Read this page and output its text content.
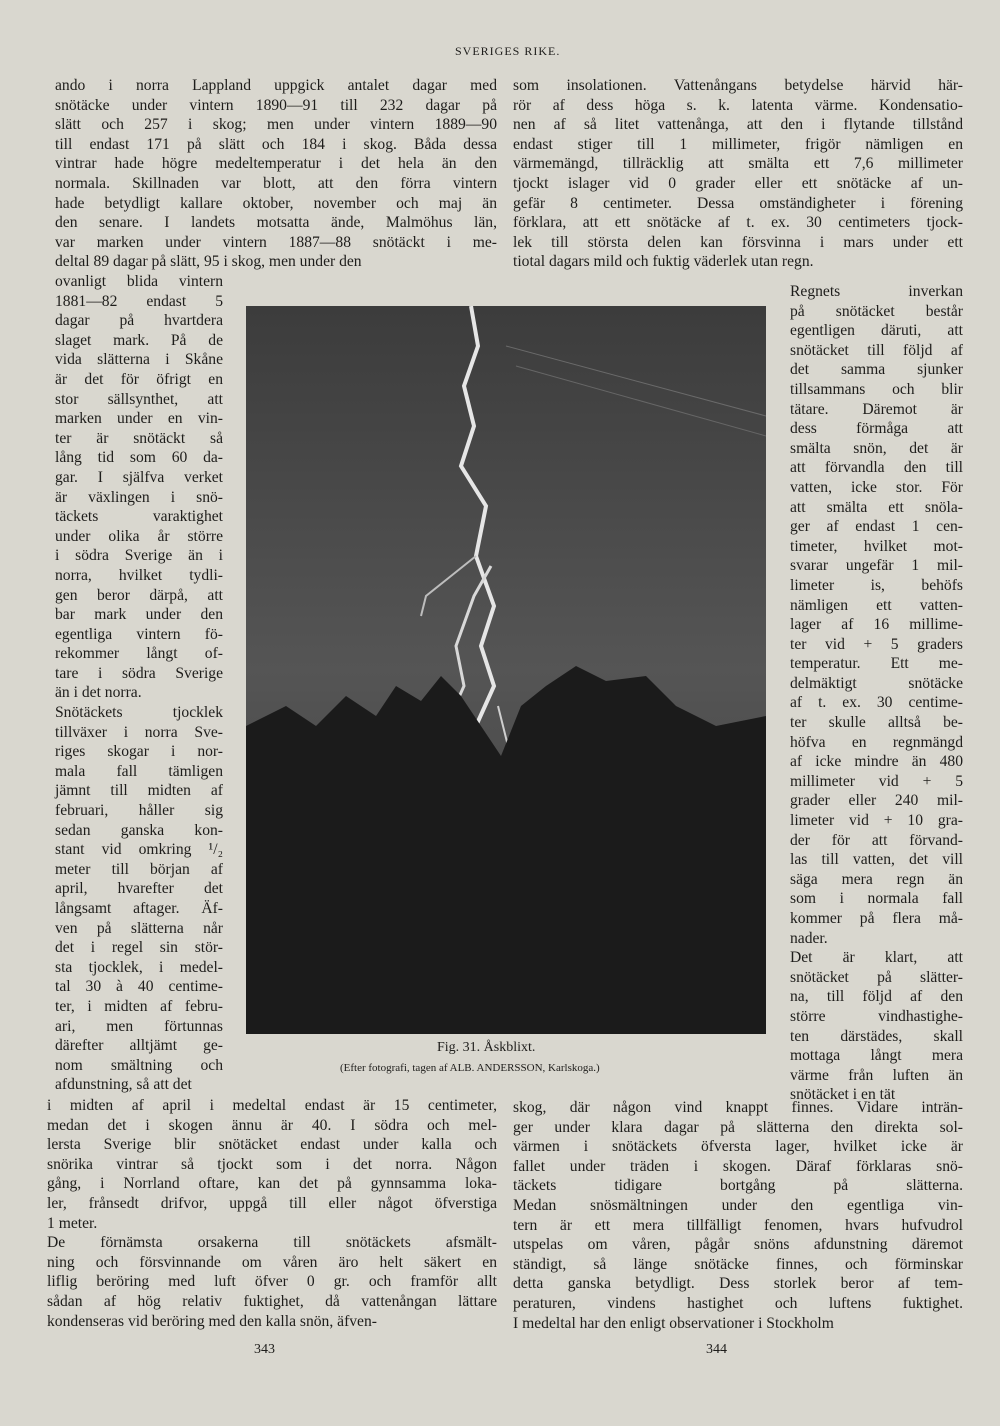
SVERIGES RIKE.
ando i norra Lappland uppgick antalet dagar med
snötäcke under vintern 1890—91 till 232 dagar på
slätt och 257 i skog; men under vintern 1889—90
till endast 171 på slätt och 184 i skog. Båda dessa
vintrar hade högre medeltemperatur i det hela än den
normala. Skillnaden var blott, att den förra vintern
hade betydligt kallare oktober, november och maj än
den senare. I landets motsatta ände, Malmöhus län,
var marken under vintern 1887—88 snötäckt i me-
deltal 89 dagar på slätt, 95 i skog, men under den
ovanligt blida vintern
1881—82 endast 5
dagar på hvartdera
slaget mark. På de
vida slätterna i Skåne
är det för öfrigt en
stor sällsynthet, att
marken under en vin-
ter är snötäckt så
lång tid som 60 da-
gar. I själfva verket
är växlingen i snö-
täckets varaktighet
under olika år större
i södra Sverige än i
norra, hvilket tydli-
gen beror därpå, att
bar mark under den
egentliga vintern fö-
rekommer långt of-
tare i södra Sverige
än i det norra.
Snötäckets tjocklek
tillväxer i norra Sve-
riges skogar i nor-
mala fall tämligen
jämnt till midten af
februari, håller sig
sedan ganska kon-
stant vid omkring ¹/₂
meter till början af
april, hvarefter det
långsamt aftager. Äf-
ven på slätterna når
det i regel sin stör-
sta tjocklek, i medel-
tal 30 à 40 centime-
ter, i midten af febru-
ari, men förtunnas
därefter alltjämt ge-
nom smältning och
afdunstning, så att det
i midten af april i medeltal endast är 15 centimeter,
medan det i skogen ännu är 40. I södra och mel-
lersta Sverige blir snötäcket endast under kalla och
snörika vintrar så tjockt som i det norra. Någon
gång, i Norrland oftare, kan det på gynnsamma loka-
ler, frånsedt drifvor, uppgå till eller något öfverstiga
1 meter.
De förnämsta orsakerna till snötäckets afsmält-
ning och försvinnande om våren äro helt säkert en
liflig beröring med luft öfver 0 gr. och framför allt
sådan af hög relativ fuktighet, då vattenångan lättare
kondenseras vid beröring med den kalla snön, äfven-
som insolationen. Vattenångans betydelse härvid här-
rör af dess höga s. k. latenta värme. Kondensatio-
nen af så litet vattenånga, att den i flytande tillstånd
endast stiger till 1 millimeter, frigör nämligen en
värmemängd, tillräcklig att smälta ett 7,6 millimeter
tjockt islager vid 0 grader eller ett snötäcke af un-
gefär 8 centimeter. Dessa omständigheter i förening
förklara, att ett snötäcke af t. ex. 30 centimeters tjock-
lek till största delen kan försvinna i mars under ett
tiotal dagars mild och fuktig väderlek utan regn.
Regnets inverkan
på snötäcket består
egentligen däruti, att
snötäcket till följd af
det samma sjunker
tillsammans och blir
tätare. Däremot är
dess förmåga att
smälta snön, det är
att förvandla den till
vatten, icke stor. För
att smälta ett snöla-
ger af endast 1 cen-
timeter, hvilket mot-
svarar ungefär 1 mil-
limeter is, behöfs
nämligen ett vatten-
lager af 16 millime-
ter vid + 5 graders
temperatur. Ett me-
delmäktigt snötäcke
af t. ex. 30 centime-
ter skulle alltså be-
höfva en regnmängd
af icke mindre än 480
millimeter vid + 5
grader eller 240 mil-
limeter vid + 10 gra-
der för att förvand-
las till vatten, det vill
säga mera regn än
som i normala fall
kommer på flera må-
nader.
Det är klart, att
snötäcket på slätter-
na, till följd af den
större vindhastighe-
ten därstädes, skall
mottaga långt mera
värme från luften än
snötäcket i en tät
skog, där någon vind knappt finnes. Vidare inträn-
ger under klara dagar på slätterna den direkta sol-
värmen i snötäckets öfversta lager, hvilket icke är
fallet under träden i skogen. Däraf förklaras snö-
täckets tidigare bortgång på slätterna.
Medan snösmältningen under den egentliga vin-
tern är ett mera tillfälligt fenomen, hvars hufvudrol
utspelas om våren, pågår snöns afdunstning däremot
ständigt, så länge snötäcke finnes, och förminskar
detta ganska betydligt. Dess storlek beror af tem-
peraturen, vindens hastighet och luftens fuktighet.
I medeltal har den enligt observationer i Stockholm
Fig. 31. Åskblixt.
(Efter fotografi, tagen af ALB. ANDERSSON, Karlskoga.)
343	344
